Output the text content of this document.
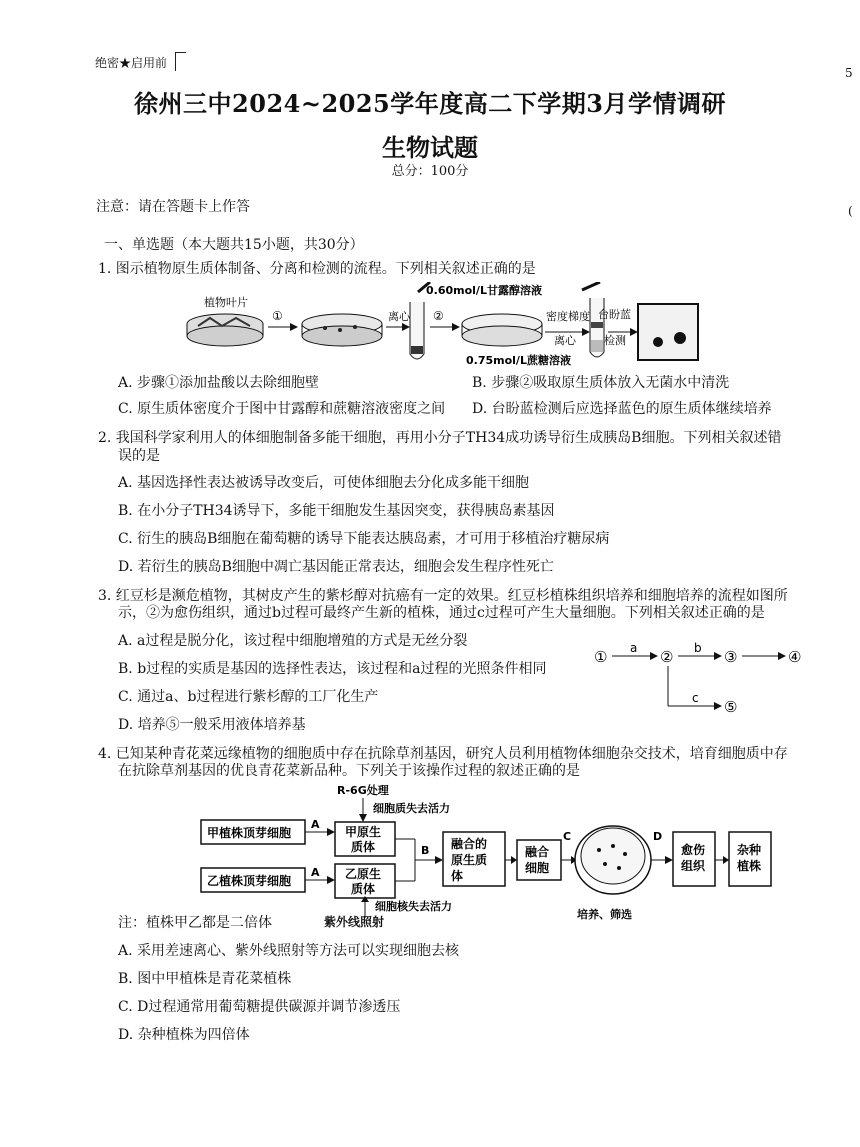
绝密★启用前
徐州三中2024~2025学年度高二下学期3月学情调研
生物试题
总分：100分
5
(
注意：请在答题卡上作答
一、单选题（本大题共15小题，共30分）
1. 图示植物原生质体制备、分离和检测的流程。下列相关叙述正确的是
植物叶片
①	离心 ②
0.60mol/L甘露醇溶液
密度梯度
离心
0.75mol/L蔗糖溶液
台盼蓝
检测
A. 步骤①添加盐酸以去除细胞壁	B. 步骤②吸取原生质体放入无菌水中清洗
C. 原生质体密度介于图中甘露醇和蔗糖溶液密度之间 D. 台盼蓝检测后应选择蓝色的原生质体继续培养
2. 我国科学家利用人的体细胞制备多能干细胞，再用小分子TH34成功诱导衍生成胰岛B细胞。下列相关叙述错
误的是
A. 基因选择性表达被诱导改变后，可使体细胞去分化成多能干细胞
B. 在小分子TH34诱导下，多能干细胞发生基因突变，获得胰岛素基因
C. 衍生的胰岛B细胞在葡萄糖的诱导下能表达胰岛素，才可用于移植治疗糖尿病
D. 若衍生的胰岛B细胞中凋亡基因能正常表达，细胞会发生程序性死亡
3. 红豆杉是濒危植物，其树皮产生的紫杉醇对抗癌有一定的效果。红豆杉植株组织培养和细胞培养的流程如图所
示，②为愈伤组织，通过b过程可最终产生新的植株，通过c过程可产生大量细胞。下列相关叙述正确的是
A. a过程是脱分化，该过程中细胞增殖的方式是无丝分裂
B. b过程的实质是基因的选择性表达，该过程和a过程的光照条件相同
C. 通过a、b过程进行紫杉醇的工厂化生产
D. 培养⑤一般采用液体培养基
① a ② b ③	④
c ⑤
4. 已知某种青花菜远缘植物的细胞质中存在抗除草剂基因，研究人员利用植物体细胞杂交技术，培育细胞质中存
在抗除草剂基因的优良青花菜新品种。下列关于该操作过程的叙述正确的是
R-6G处理
细胞质失去活力
甲植株顶芽细胞
A
甲原生
质体
乙植株顶芽细胞
A 乙原生
质体
B 融合的
原生质
体
融合
细胞
C
培养、筛选
D
愈伤
组织
杂种
植株
细胞核失去活力
紫外线照射
注：植株甲乙都是二倍体
A. 采用差速离心、紫外线照射等方法可以实现细胞去核
B. 图中甲植株是青花菜植株
C. D过程通常用葡萄糖提供碳源并调节渗透压
D. 杂种植株为四倍体
